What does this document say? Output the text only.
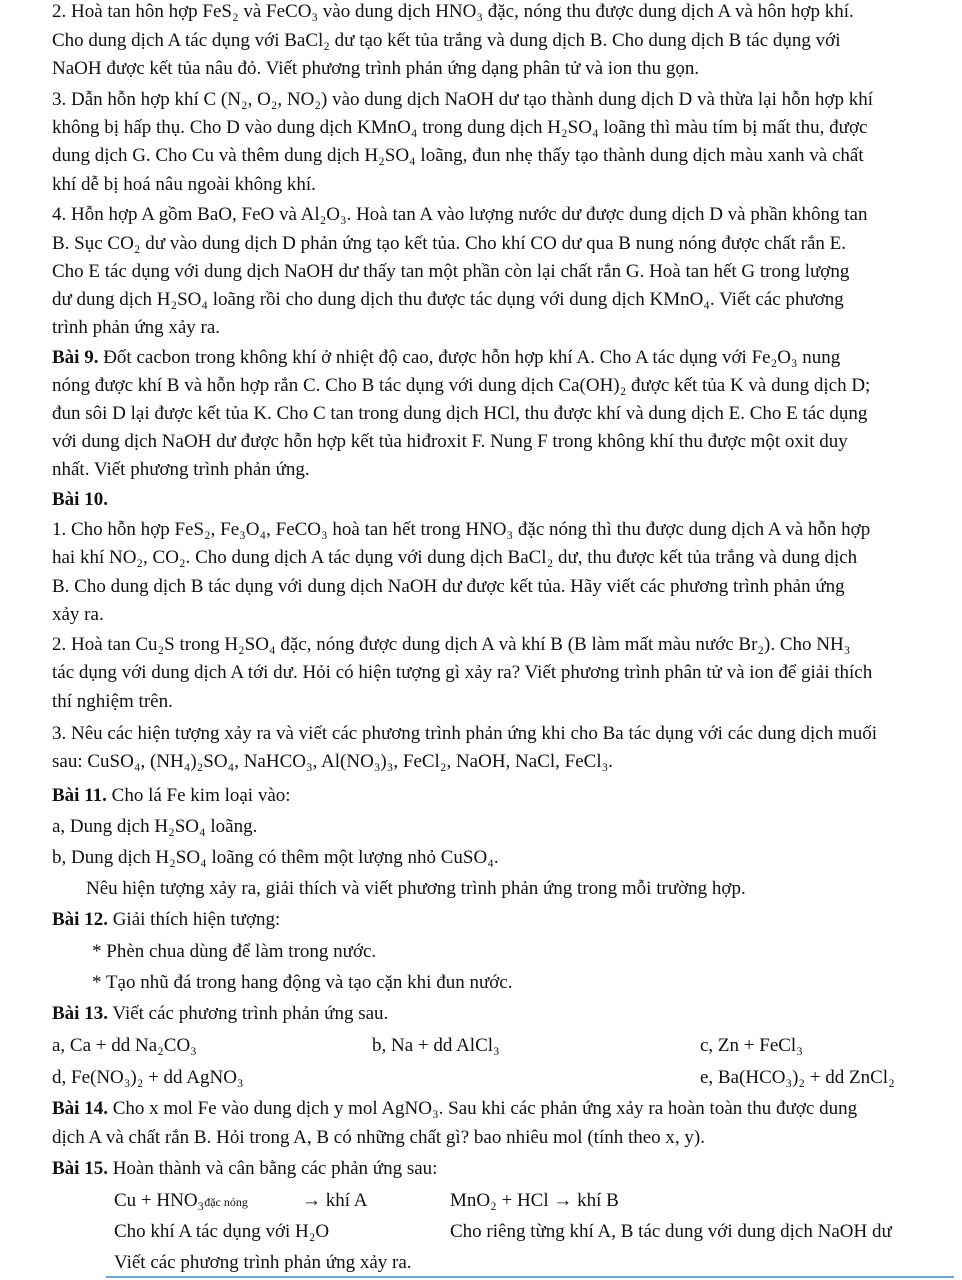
2. Hoà tan hôn hợp FeS₂ và FeCO₃ vào dung dịch HNO₃ đặc, nóng thu được dung dịch A và hôn hợp khí.
Cho dung dịch A tác dụng với BaCl₂ dư tạo kết tủa trắng và dung dịch B. Cho dung dịch B tác dụng với
NaOH được kết tủa nâu đỏ. Viết phương trình phản ứng dạng phân tử và ion thu gọn.
3. Dẫn hỗn hợp khí C (N₂, O₂, NO₂) vào dung dịch NaOH dư tạo thành dung dịch D và thừa lại hỗn hợp khí
không bị hấp thụ. Cho D vào dung dịch KMnO₄ trong dung dịch H₂SO₄ loãng thì màu tím bị mất thu, được
dung dịch G. Cho Cu và thêm dung dịch H₂SO₄ loãng, đun nhẹ thấy tạo thành dung dịch màu xanh và chất
khí dễ bị hoá nâu ngoài không khí.
4. Hỗn hợp A gồm BaO, FeO và Al₂O₃. Hoà tan A vào lượng nước dư được dung dịch D và phần không tan
B. Sục CO₂ dư vào dung dịch D phản ứng tạo kết tủa. Cho khí CO dư qua B nung nóng được chất rắn E.
Cho E tác dụng với dung dịch NaOH dư thấy tan một phần còn lại chất rắn G. Hoà tan hết G trong lượng
dư dung dịch H₂SO₄ loãng rồi cho dung dịch thu được tác dụng với dung dịch KMnO₄. Viết các phương
trình phản ứng xảy ra.
Bài 9. Đốt cacbon trong không khí ở nhiệt độ cao, được hỗn hợp khí A. Cho A tác dụng với Fe₂O₃ nung
nóng được khí B và hỗn hợp rắn C. Cho B tác dụng với dung dịch Ca(OH)₂ được kết tủa K và dung dịch D;
đun sôi D lại được kết tủa K. Cho C tan trong dung dịch HCl, thu được khí và dung dịch E. Cho E tác dụng
với dung dịch NaOH dư được hỗn hợp kết tủa hiđroxit F. Nung F trong không khí thu được một oxit duy
nhất. Viết phương trình phản ứng.
Bài 10.
1. Cho hỗn hợp FeS₂, Fe₃O₄, FeCO₃ hoà tan hết trong HNO₃ đặc nóng thì thu được dung dịch A và hỗn hợp
hai khí NO₂, CO₂. Cho dung dịch A tác dụng với dung dịch BaCl₂ dư, thu được kết tủa trắng và dung dịch
B. Cho dung dịch B tác dụng với dung dịch NaOH dư được kết tủa. Hãy viết các phương trình phản ứng
xảy ra.
2. Hoà tan Cu₂S trong H₂SO₄ đặc, nóng được dung dịch A và khí B (B làm mất màu nước Br₂). Cho NH₃
tác dụng với dung dịch A tới dư. Hỏi có hiện tượng gì xảy ra? Viết phương trình phân tử và ion để giải thích
thí nghiệm trên.
3. Nêu các hiện tượng xảy ra và viết các phương trình phản ứng khi cho Ba tác dụng với các dung dịch muối
sau: CuSO₄, (NH₄)₂SO₄, NaHCO₃, Al(NO₃)₃, FeCl₂, NaOH, NaCl, FeCl₃.
Bài 11. Cho lá Fe kim loại vào:
a, Dung dịch H₂SO₄ loãng.
b, Dung dịch H₂SO₄ loãng có thêm một lượng nhỏ CuSO₄.
Nêu hiện tượng xảy ra, giải thích và viết phương trình phản ứng trong mỗi trường hợp.
Bài 12. Giải thích hiện tượng:
* Phèn chua dùng để làm trong nước.
* Tạo nhũ đá trong hang động và tạo cặn khi đun nước.
Bài 13. Viết các phương trình phản ứng sau.
a, Ca + dd Na₂CO₃	b, Na + dd AlCl₃	c, Zn + FeCl₃
d, Fe(NO₃)₂ + dd AgNO₃	e, Ba(HCO₃)₂ + dd ZnCl₂
Bài 14. Cho x mol Fe vào dung dịch y mol AgNO₃. Sau khi các phản ứng xảy ra hoàn toàn thu được dung
dịch A và chất rắn B. Hỏi trong A, B có những chất gì? bao nhiêu mol (tính theo x, y).
Bài 15. Hoàn thành và cân bằng các phản ứng sau:
Cu + HNO₃đặc nóng	→ khí A	MnO₂ + HCl → khí B
Cho khí A tác dụng với H₂O	Cho riêng từng khí A, B tác dung với dung dịch NaOH dư
Viết các phương trình phản ứng xảy ra.
